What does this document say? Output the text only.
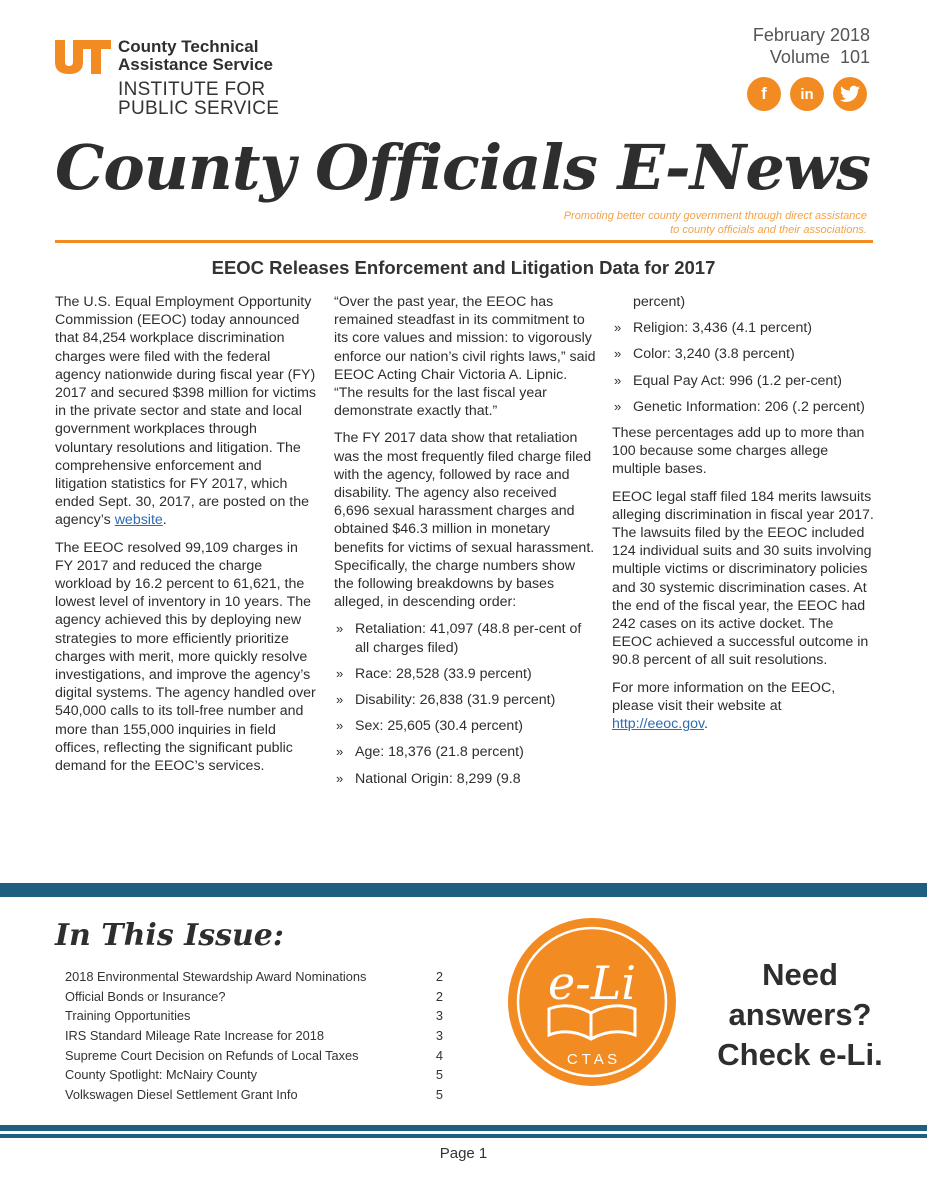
County Technical
Assistance Service
INSTITUTE FOR
PUBLIC SERVICE
February 2018
Volume  101
f in
County Officials E-News
Promoting better county government through direct assistance
to county officials and their associations.
EEOC Releases Enforcement and Litigation Data for 2017

The U.S. Equal Employment Opportunity Commission (EEOC) today announced that 84,254 workplace discrimination charges were filed with the federal agency nationwide during fiscal year (FY) 2017 and secured $398 million for victims in the private sector and state and local government workplaces through voluntary resolutions and litigation. The comprehensive enforcement and litigation statistics for FY 2017, which ended Sept. 30, 2017, are posted on the agency’s website.

The EEOC resolved 99,109 charges in FY 2017 and reduced the charge workload by 16.2 percent to 61,621, the lowest level of inventory in 10 years. The agency achieved this by deploying new strategies to more efficiently prioritize charges with merit, more quickly resolve investigations, and improve the agency’s digital systems. The agency handled over 540,000 calls to its toll-free number and more than 155,000 inquiries in field offices, reflecting the significant public demand for the EEOC’s services.

“Over the past year, the EEOC has remained steadfast in its commitment to its core values and mission: to vigorously enforce our nation’s civil rights laws,” said EEOC Acting Chair Victoria A. Lipnic. “The results for the last fiscal year demonstrate exactly that.”

The FY 2017 data show that retaliation was the most frequently filed charge filed with the agency, followed by race and disability. The agency also received 6,696 sexual harassment charges and obtained $46.3 million in monetary benefits for victims of sexual harassment. Specifically, the charge numbers show the following breakdowns by bases alleged, in descending order:

» Retaliation: 41,097 (48.8 per-cent of all charges filed)
» Race: 28,528 (33.9 percent)
» Disability: 26,838 (31.9 percent)
» Sex: 25,605 (30.4 percent)
» Age: 18,376 (21.8 percent)
» National Origin: 8,299 (9.8
percent)
» Religion: 3,436 (4.1 percent)
» Color: 3,240 (3.8 percent)
» Equal Pay Act: 996 (1.2 per-cent)
» Genetic Information: 206 (.2 percent)

These percentages add up to more than 100 because some charges allege multiple bases.

EEOC legal staff filed 184 merits lawsuits alleging discrimination in fiscal year 2017. The lawsuits filed by the EEOC included 124 individual suits and 30 suits involving multiple victims or discriminatory policies and 30 systemic discrimination cases. At the end of the fiscal year, the EEOC had 242 cases on its active docket. The EEOC achieved a successful outcome in 90.8 percent of all suit resolutions.

For more information on the EEOC, please visit their website at http://eeoc.gov.

In This Issue:
2018 Environmental Stewardship Award Nominations	2
Official Bonds or Insurance?	2
Training Opportunities	3
IRS Standard Mileage Rate Increase for 2018	3
Supreme Court Decision on Refunds of Local Taxes	4
County Spotlight: McNairy County	5
Volkswagen Diesel Settlement Grant Info	5
e-Li
C T A S
Need
answers?
Check e-Li.
Page 1
